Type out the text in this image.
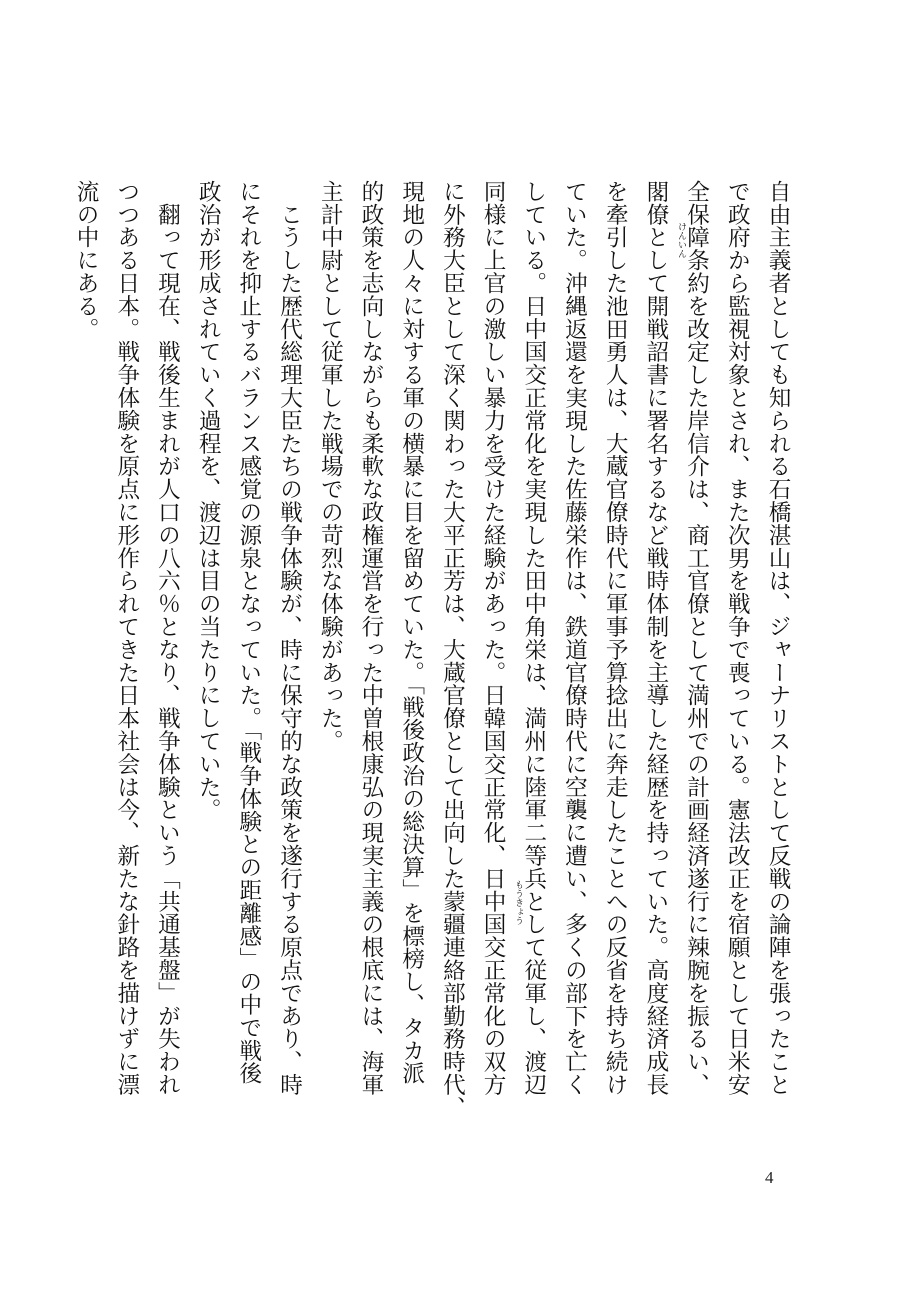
自由主義者としても知られる石橋湛山は、ジャーナリストとして反戦の論陣を張ったこと
で政府から監視対象とされ、また次男を戦争で喪っている。憲法改正を宿願として日米安
全保障条約を改定した岸信介は、商工官僚として満州での計画経済遂行に辣腕を振るい、
閣僚として開戦詔書に署名するなど戦時体制を主導した経歴を持っていた。高度経済成長
を牽引した池田勇人は、大蔵官僚時代に軍事予算捻出に奔走したことへの反省を持ち続け
ていた。沖縄返還を実現した佐藤栄作は、鉄道官僚時代に空襲に遭い、多くの部下を亡く
している。日中国交正常化を実現した田中角栄は、満州に陸軍二等兵として従軍し、渡辺
同様に上官の激しい暴力を受けた経験があった。日韓国交正常化、日中国交正常化の双方
に外務大臣として深く関わった大平正芳は、大蔵官僚として出向した蒙疆連絡部勤務時代、
現地の人々に対する軍の横暴に目を留めていた。「戦後政治の総決算」を標榜し、タカ派
的政策を志向しながらも柔軟な政権運営を行った中曽根康弘の現実主義の根底には、海軍
主計中尉として従軍した戦場での苛烈な体験があった。
　こうした歴代総理大臣たちの戦争体験が、時に保守的な政策を遂行する原点であり、時
にそれを抑止するバランス感覚の源泉となっていた。「戦争体験との距離感」の中で戦後
政治が形成されていく過程を、渡辺は目の当たりにしていた。
　翻って現在、戦後生まれが人口の八六％となり、戦争体験という「共通基盤」が失われ
つつある日本。戦争体験を原点に形作られてきた日本社会は今、新たな針路を描けずに漂
流の中にある。	けんいん
もうきょう
4
